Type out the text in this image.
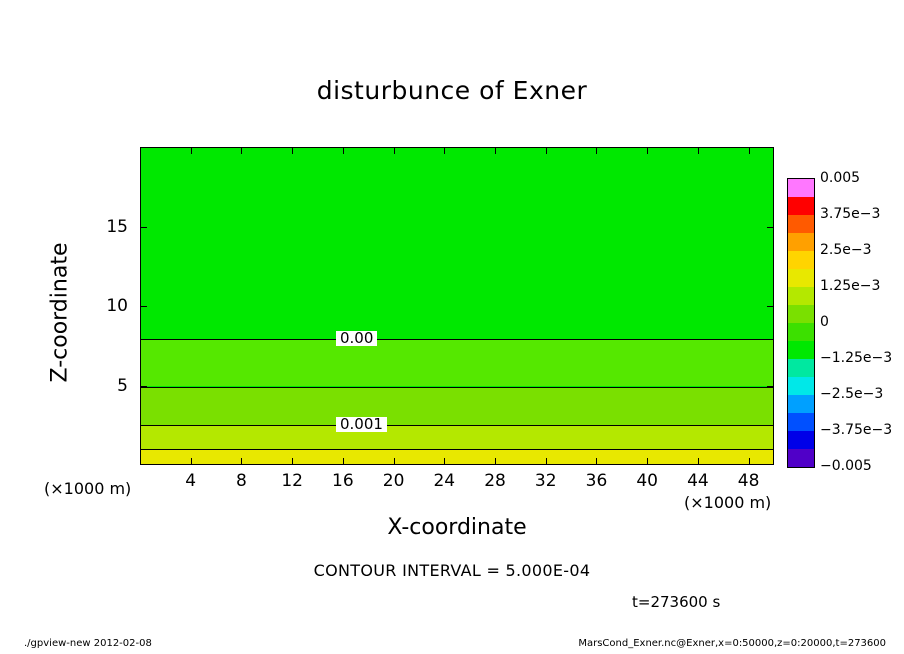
disturbunce of Exner
0.00
0.001
4	8	12	16	20	24	28	32	36	40	44	48
5
10
15
X-coordinate
Z-coordinate
(×1000 m)
(×1000 m)
0.005
3.75e−3
2.5e−3
1.25e−3
0
−1.25e−3
−2.5e−3
−3.75e−3
−0.005
CONTOUR INTERVAL = 5.000E-04
t=273600 s
./gpview-new 2012-02-08	MarsCond_Exner.nc@Exner,x=0:50000,z=0:20000,t=273600
